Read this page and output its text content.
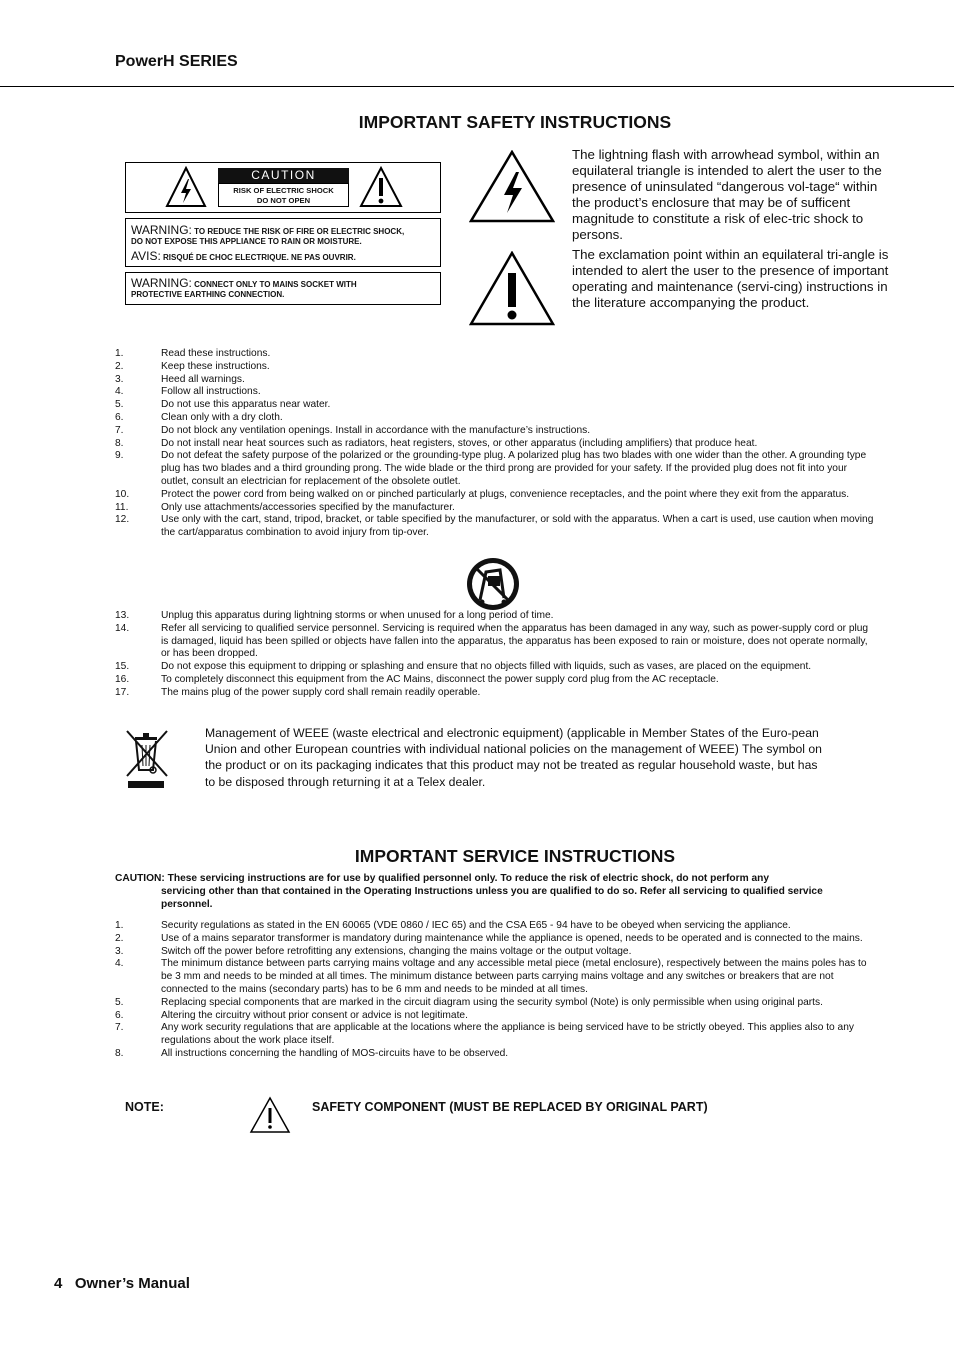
PowerH SERIES
IMPORTANT SAFETY INSTRUCTIONS
CAUTION
RISK OF ELECTRIC SHOCK
DO NOT OPEN
WARNING: TO REDUCE THE RISK OF FIRE OR ELECTRIC SHOCK,
DO NOT EXPOSE THIS APPLIANCE TO RAIN OR MOISTURE.
AVIS: RISQUÉ DE CHOC ELECTRIQUE. NE PAS OUVRIR.
WARNING: CONNECT ONLY TO MAINS SOCKET WITH
PROTECTIVE EARTHING CONNECTION.
The lightning flash with arrowhead symbol, within an equilateral triangle is intended to alert the user to the presence of uninsulated “dangerous vol-tage“ within the product’s enclosure that may be of sufficent magnitude to constitute a risk of elec-tric shock to persons.
The exclamation point within an equilateral tri-angle is intended to alert the user to the presence of important operating and maintenance (servi-cing) instructions in the literature accompanying the product.
1.	Read these instructions.
2.	Keep these instructions.
3.	Heed all warnings.
4.	Follow all instructions.
5.	Do not use this apparatus near water.
6.	Clean only with a dry cloth.
7.	Do not block any ventilation openings. Install in accordance with the manufacture’s instructions.
8.	Do not install near heat sources such as radiators, heat registers, stoves, or other apparatus (including amplifiers) that produce heat.
9.	Do not defeat the safety purpose of the polarized or the grounding-type plug. A polarized plug has two blades with one wider than the other. A grounding type plug has two blades and a third grounding prong. The wide blade or the third prong are provided for your safety. If the provided plug does not fit into your outlet, consult an electrician for replacement of the obsolete outlet.
10.	Protect the power cord from being walked on or pinched particularly at plugs, convenience receptacles, and the point where they exit from the apparatus.
11.	Only use attachments/accessories specified by the manufacturer.
12.	Use only with the cart, stand, tripod, bracket, or table specified by the manufacturer, or sold with the apparatus. When a cart is used, use caution when moving the cart/apparatus combination to avoid injury from tip-over.
13.	Unplug this apparatus during lightning storms or when unused for a long period of time.
14.	Refer all servicing to qualified service personnel. Servicing is required when the apparatus has been damaged in any way, such as power-supply cord or plug is damaged, liquid has been spilled or objects have fallen into the apparatus, the apparatus has been exposed to rain or moisture, does not operate normally, or has been dropped.
15.	Do not expose this equipment to dripping or splashing and ensure that no objects filled with liquids, such as vases, are placed on the equipment.
16.	To completely disconnect this equipment from the AC Mains, disconnect the power supply cord plug from the AC receptacle.
17.	The mains plug of the power supply cord shall remain readily operable.
Management of WEEE (waste electrical and electronic equipment) (applicable in Member States of the Euro-pean Union and other European countries with individual national policies on the management of WEEE) The symbol on the product or on its packaging indicates that this product may not be treated as regular household waste, but has to be disposed through returning it at a Telex dealer.
IMPORTANT SERVICE INSTRUCTIONS
CAUTION: These servicing instructions are for use by qualified personnel only. To reduce the risk of electric shock, do not perform any
servicing other than that contained in the Operating Instructions unless you are qualified to do so. Refer all servicing to qualified service personnel.
1.	Security regulations as stated in the EN 60065 (VDE 0860 / IEC 65) and the CSA E65 - 94 have to be obeyed when servicing the appliance.
2.	Use of a mains separator transformer is mandatory during maintenance while the appliance is opened, needs to be operated and is connected to the mains.
3.	Switch off the power before retrofitting any extensions, changing the mains voltage or the output voltage.
4.	The minimum distance between parts carrying mains voltage and any accessible metal piece (metal enclosure), respectively between the mains poles has to be 3 mm and needs to be minded at all times. The minimum distance between parts carrying mains voltage and any switches or breakers that are not connected to the mains (secondary parts) has to be 6 mm and needs to be minded at all times.
5.	Replacing special components that are marked in the circuit diagram using the security symbol (Note) is only permissible when using original parts.
6.	Altering the circuitry without prior consent or advice is not legitimate.
7.	Any work security regulations that are applicable at the locations where the appliance is being serviced have to be strictly obeyed. This applies also to any regulations about the work place itself.
8.	All instructions concerning the handling of MOS-circuits have to be observed.
NOTE:	SAFETY COMPONENT (MUST BE REPLACED BY ORIGINAL PART)
4   Owner’s Manual
